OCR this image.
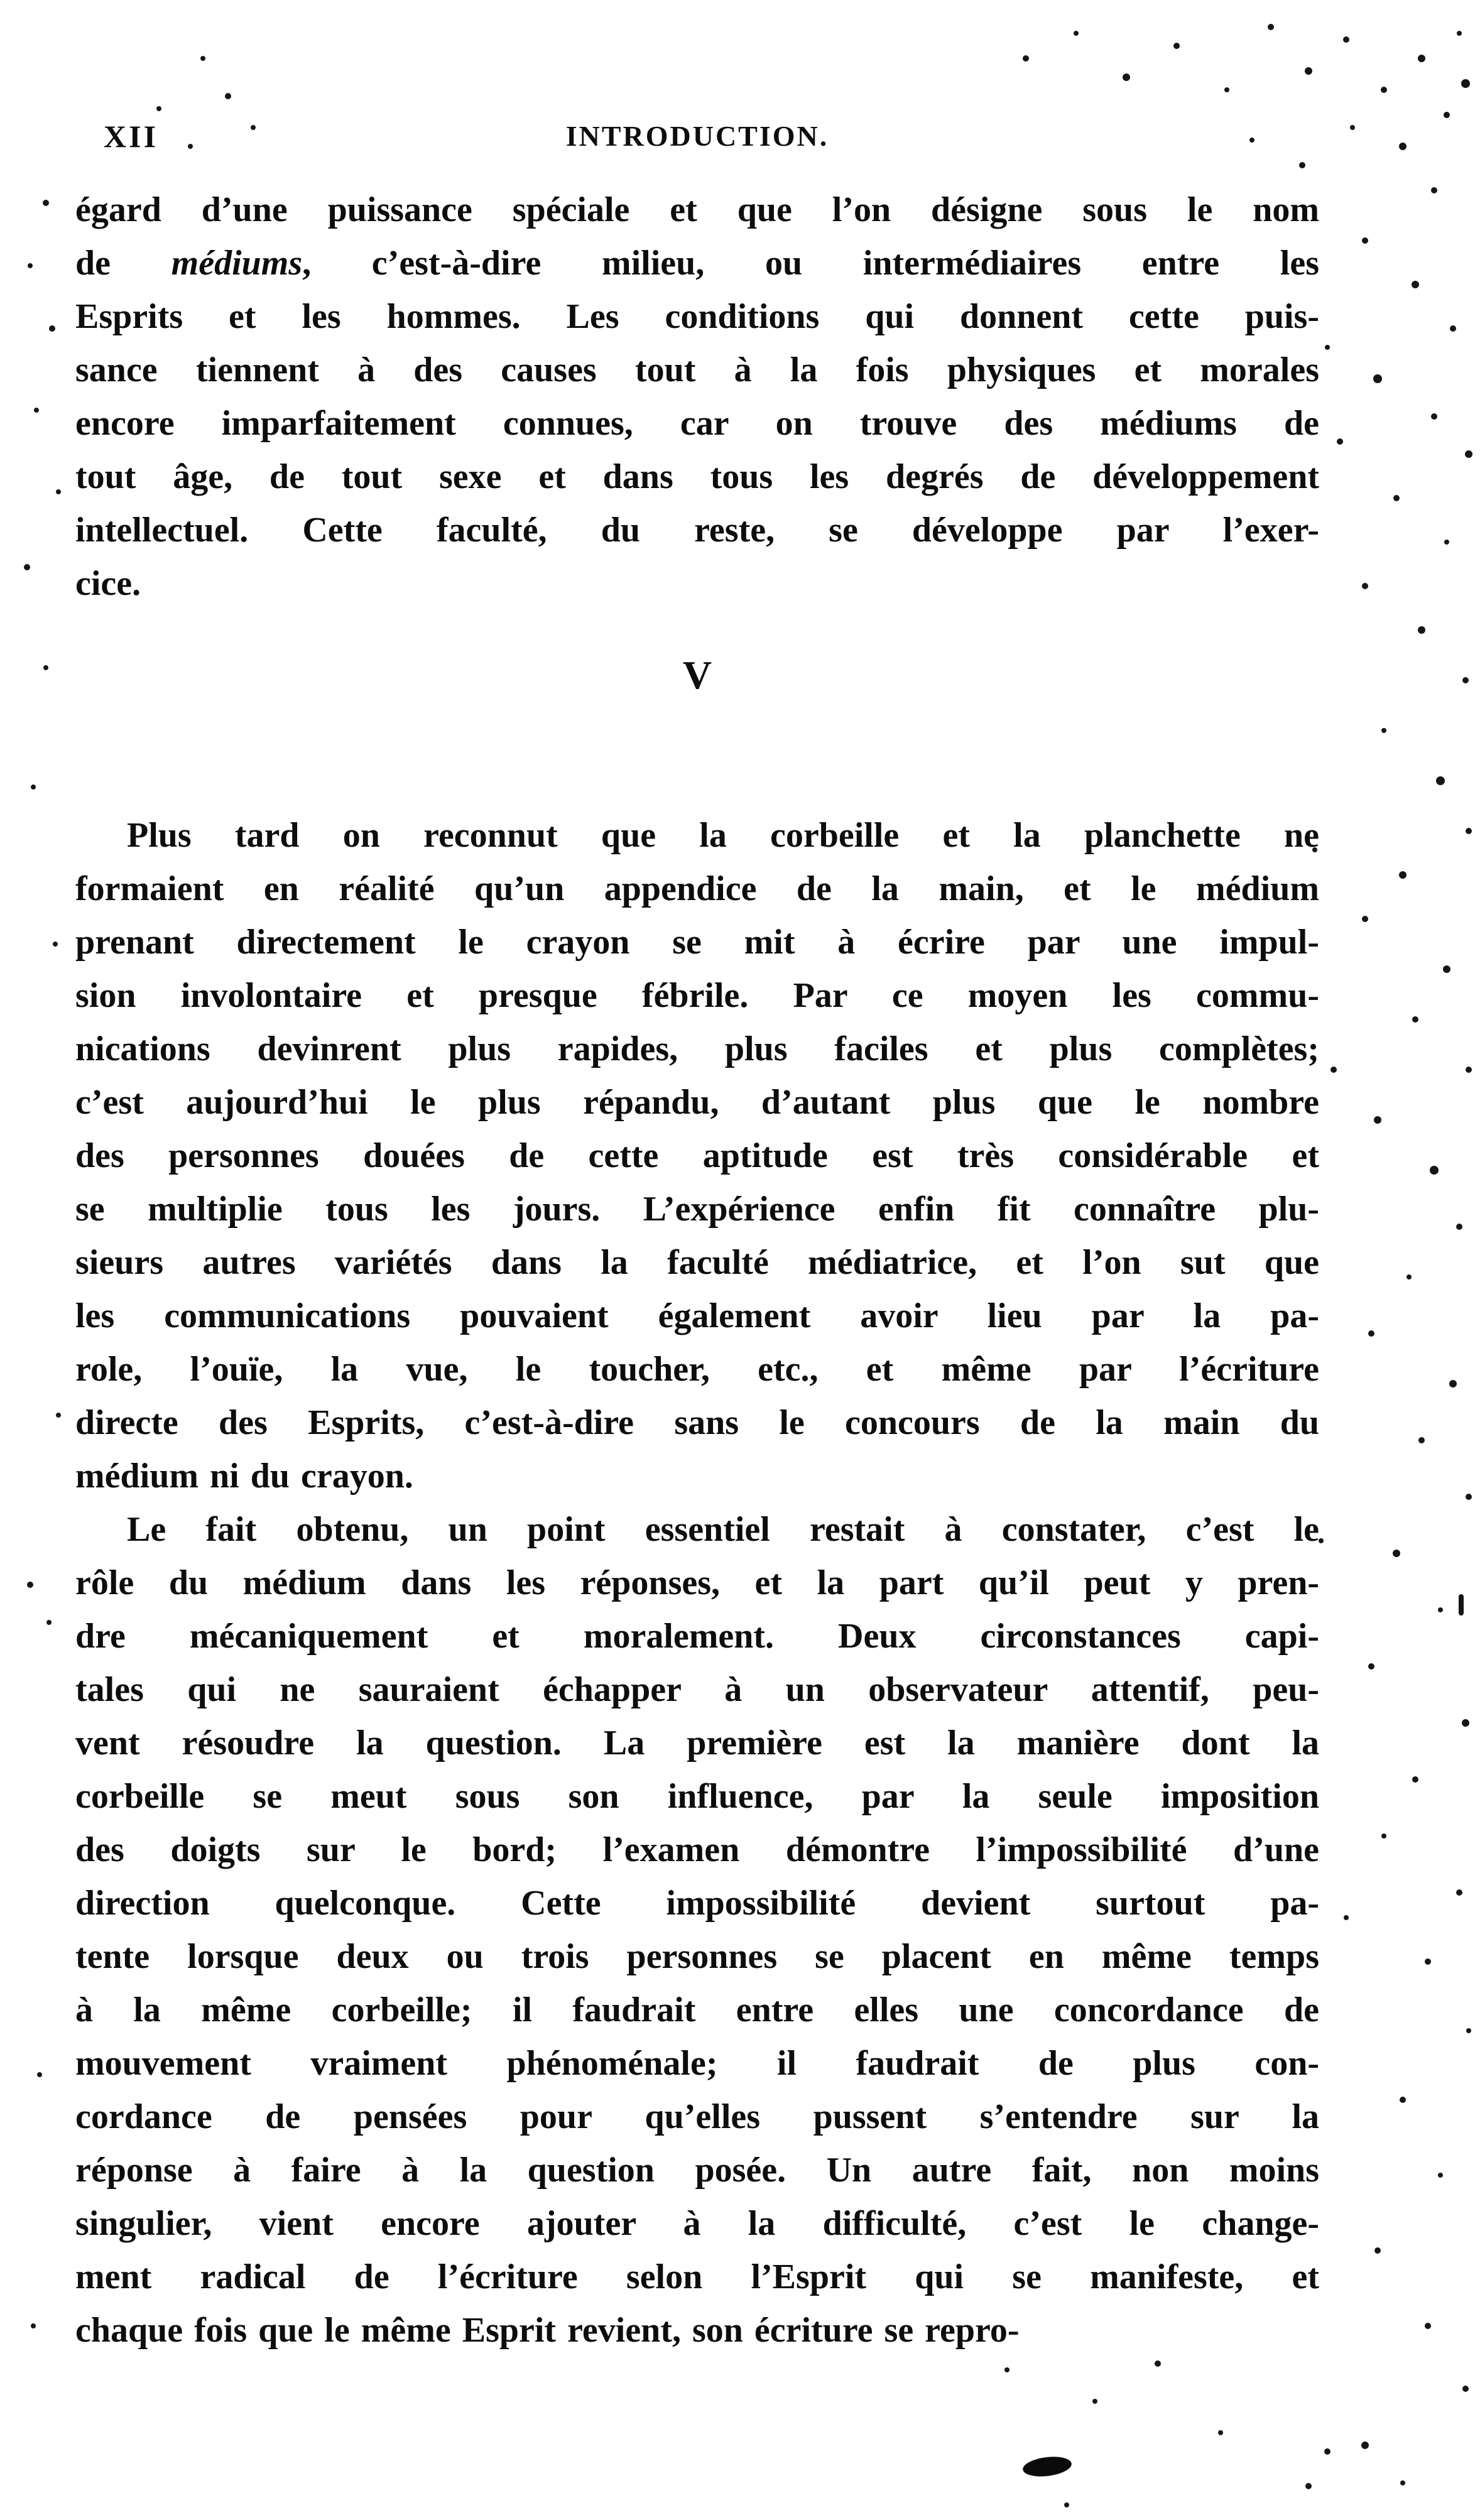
XII	INTRODUCTION.
égard d’une puissance spéciale et que l’on désigne sous le nom
de médiums, c’est-à-dire milieu, ou intermédiaires entre les
Esprits et les hommes. Les conditions qui donnent cette puis-
sance tiennent à des causes tout à la fois physiques et morales
encore imparfaitement connues, car on trouve des médiums de
tout âge, de tout sexe et dans tous les degrés de développement
intellectuel. Cette faculté, du reste, se développe par l’exer-
cice.
V
Plus tard on reconnut que la corbeille et la planchette ne
formaient en réalité qu’un appendice de la main, et le médium
prenant directement le crayon se mit à écrire par une impul-
sion involontaire et presque fébrile. Par ce moyen les commu-
nications devinrent plus rapides, plus faciles et plus complètes;
c’est aujourd’hui le plus répandu, d’autant plus que le nombre
des personnes douées de cette aptitude est très considérable et
se multiplie tous les jours. L’expérience enfin fit connaître plu-
sieurs autres variétés dans la faculté médiatrice, et l’on sut que
les communications pouvaient également avoir lieu par la pa-
role, l’ouïe, la vue, le toucher, etc., et même par l’écriture
directe des Esprits, c’est-à-dire sans le concours de la main du
médium ni du crayon.
Le fait obtenu, un point essentiel restait à constater, c’est le
rôle du médium dans les réponses, et la part qu’il peut y pren-
dre mécaniquement et moralement. Deux circonstances capi-
tales qui ne sauraient échapper à un observateur attentif, peu-
vent résoudre la question. La première est la manière dont la
corbeille se meut sous son influence, par la seule imposition
des doigts sur le bord; l’examen démontre l’impossibilité d’une
direction quelconque. Cette impossibilité devient surtout pa-
tente lorsque deux ou trois personnes se placent en même temps
à la même corbeille; il faudrait entre elles une concordance de
mouvement vraiment phénoménale; il faudrait de plus con-
cordance de pensées pour qu’elles pussent s’entendre sur la
réponse à faire à la question posée. Un autre fait, non moins
singulier, vient encore ajouter à la difficulté, c’est le change-
ment radical de l’écriture selon l’Esprit qui se manifeste, et
chaque fois que le même Esprit revient, son écriture se repro-
